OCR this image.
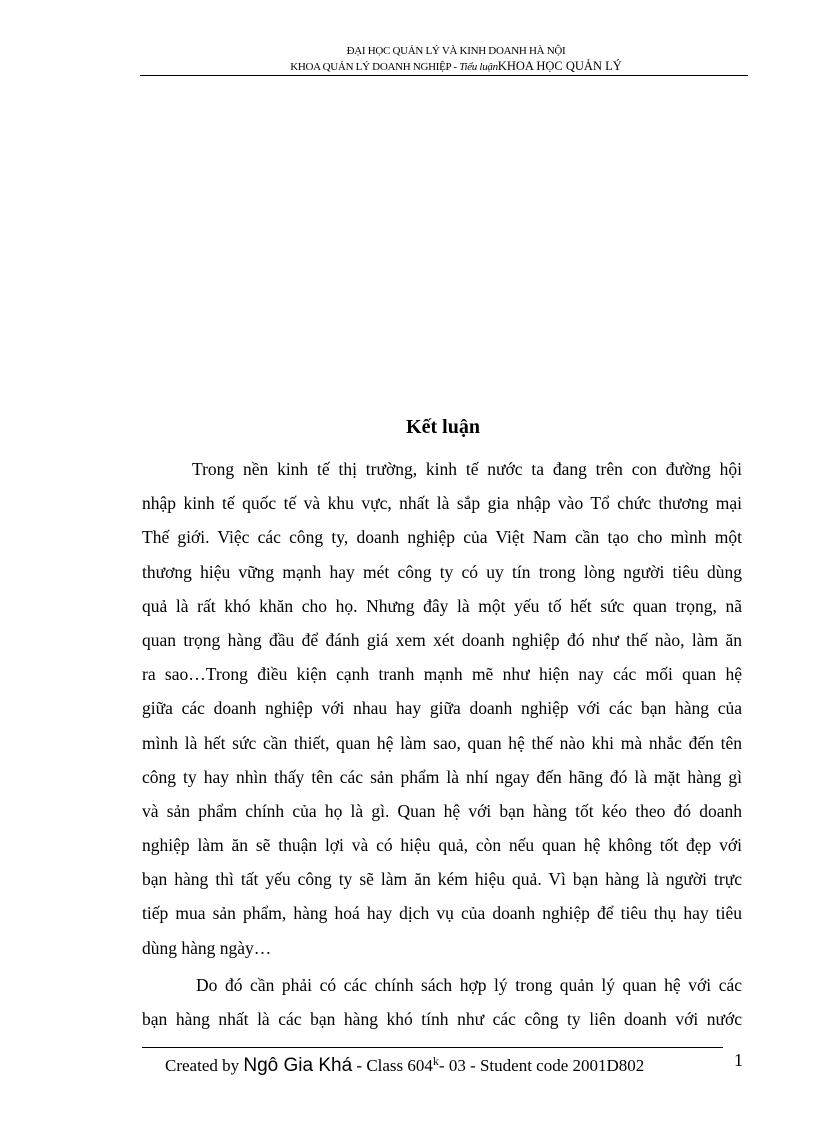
ĐẠI HỌC QUẢN LÝ VÀ KINH DOANH HÀ NỘI
KHOA QUẢN LÝ DOANH NGHIỆP - Tiểu luậnKHOA HỌC QUẢN LÝ
Kết luận
Trong nền kinh tế thị trường, kinh tế nước ta đang trên con đường hội
nhập kinh tế quốc tế và khu vực, nhất là sắp gia nhập vào Tổ chức thương mại
Thế giới. Việc các công ty, doanh nghiệp của Việt Nam cần tạo cho mình một
thương hiệu vững mạnh hay mét công ty có uy tín trong lòng người tiêu dùng
quả là rất khó khăn cho họ. Nhưng đây là một yếu tố hết sức quan trọng, nã
quan trọng hàng đầu để đánh giá xem xét doanh nghiệp đó như thế nào, làm ăn
ra sao…Trong điều kiện cạnh tranh mạnh mẽ như hiện nay các mối quan hệ
giữa các doanh nghiệp với nhau hay giữa doanh nghiệp với các bạn hàng của
mình là hết sức cần thiết, quan hệ làm sao, quan hệ thế nào khi mà nhắc đến tên
công ty hay nhìn thấy tên các sản phẩm là nhí ngay đến hãng đó là mặt hàng gì
và sản phẩm chính của họ là gì. Quan hệ với bạn hàng tốt kéo theo đó doanh
nghiệp làm ăn sẽ thuận lợi và có hiệu quả, còn nếu quan hệ không tốt đẹp với
bạn hàng thì tất yếu công ty sẽ làm ăn kém hiệu quả. Vì bạn hàng là người trực
tiếp mua sản phẩm, hàng hoá hay dịch vụ của doanh nghiệp để tiêu thụ hay tiêu
dùng hàng ngày…
Do đó cần phải có các chính sách hợp lý trong quản lý quan hệ với các
bạn hàng nhất là các bạn hàng khó tính như các công ty liên doanh với nước
Created by Ngô Gia Khá - Class 604$^k$- 03 - Student code 2001D802	1
